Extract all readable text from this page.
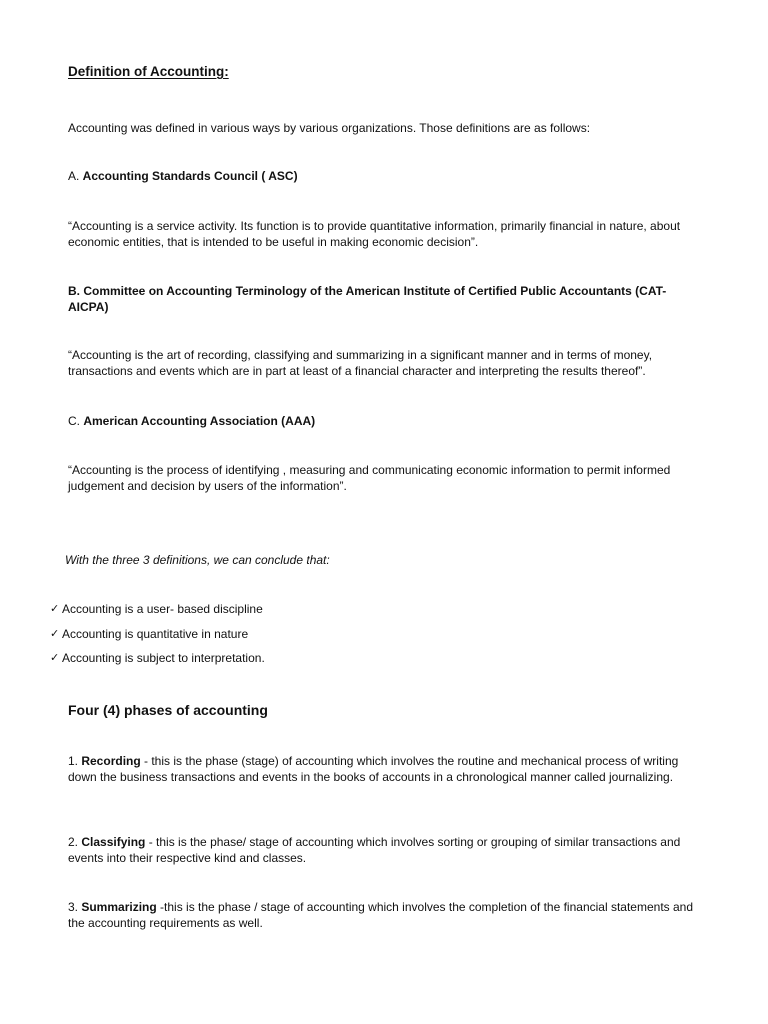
Definition of Accounting:

Accounting was defined in various ways by various organizations. Those definitions are as follows:

A. Accounting Standards Council ( ASC)

“Accounting is a service activity. Its function is to provide quantitative information, primarily financial in nature, about economic entities, that is intended to be useful in making economic decision”.

B. Committee on Accounting Terminology of the American Institute of Certified Public Accountants (CAT-AICPA)

“Accounting is the art of recording, classifying and summarizing in a significant manner and in terms of money, transactions and events which are in part at least of a financial character and interpreting the results thereof”.

C. American Accounting Association (AAA)

“Accounting is the process of identifying , measuring and communicating economic information to permit informed judgement and decision by users of the information”.

With the three 3 definitions, we can conclude that:

✓ Accounting is a user- based discipline
✓ Accounting is quantitative in nature
✓ Accounting is subject to interpretation.

Four (4) phases of accounting

1. Recording - this is the phase (stage) of accounting which involves the routine and mechanical process of writing down the business transactions and events in the books of accounts in a chronological manner called journalizing.

2. Classifying - this is the phase/ stage of accounting which involves sorting or grouping of similar transactions and events into their respective kind and classes.

3. Summarizing -this is the phase / stage of accounting which involves the completion of the financial statements and the accounting requirements as well.
